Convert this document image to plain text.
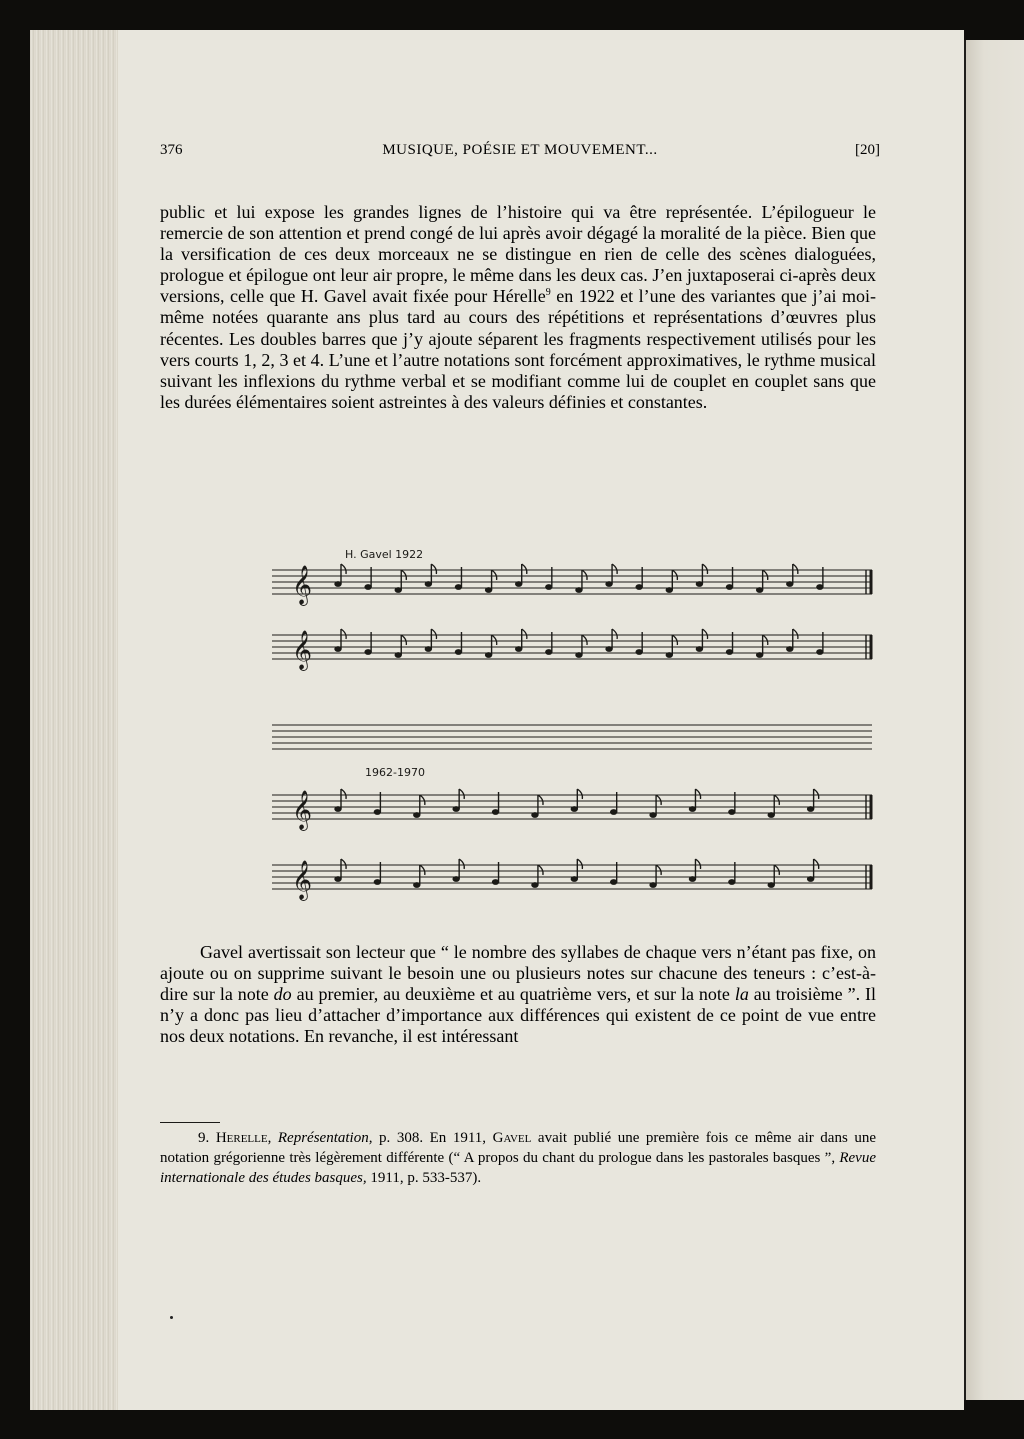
376	MUSIQUE, POÉSIE ET MOUVEMENT...	[20]

public et lui expose les grandes lignes de l’histoire qui va être représentée. L’épilogueur le remercie de son attention et prend congé de lui après avoir dégagé la moralité de la pièce. Bien que la versification de ces deux morceaux ne se distingue en rien de celle des scènes dialoguées, prologue et épilogue ont leur air propre, le même dans les deux cas. J’en juxtaposerai ci-après deux versions, celle que H. Gavel avait fixée pour Hérelle$^9$ en 1922 et l’une des variantes que j’ai moi-même notées quarante ans plus tard au cours des répétitions et représentations d’œuvres plus récentes. Les doubles barres que j’y ajoute séparent les fragments respectivement utilisés pour les vers courts 1, 2, 3 et 4. L’une et l’autre notations sont forcément approximatives, le rythme musical suivant les inflexions du rythme verbal et se modifiant comme lui de couplet en couplet sans que les durées élémentaires soient astreintes à des valeurs définies et constantes.

H. Gavel 1922
1962-1970
𝄞
𝄞
𝄞
𝄞

Gavel avertissait son lecteur que “ le nombre des syllabes de chaque vers n’étant pas fixe, on ajoute ou on supprime suivant le besoin une ou plusieurs notes sur chacune des teneurs : c’est-à-dire sur la note do au premier, au deuxième et au quatrième vers, et sur la note la au troisième ”. Il n’y a donc pas lieu d’attacher d’importance aux différences qui existent de ce point de vue entre nos deux notations. En revanche, il est intéressant

9. Herelle, Représentation, p. 308. En 1911, Gavel avait publié une première fois ce même air dans une notation grégorienne très légèrement différente (“ A propos du chant du prologue dans les pastorales basques ”, Revue internationale des études basques, 1911, p. 533-537).
